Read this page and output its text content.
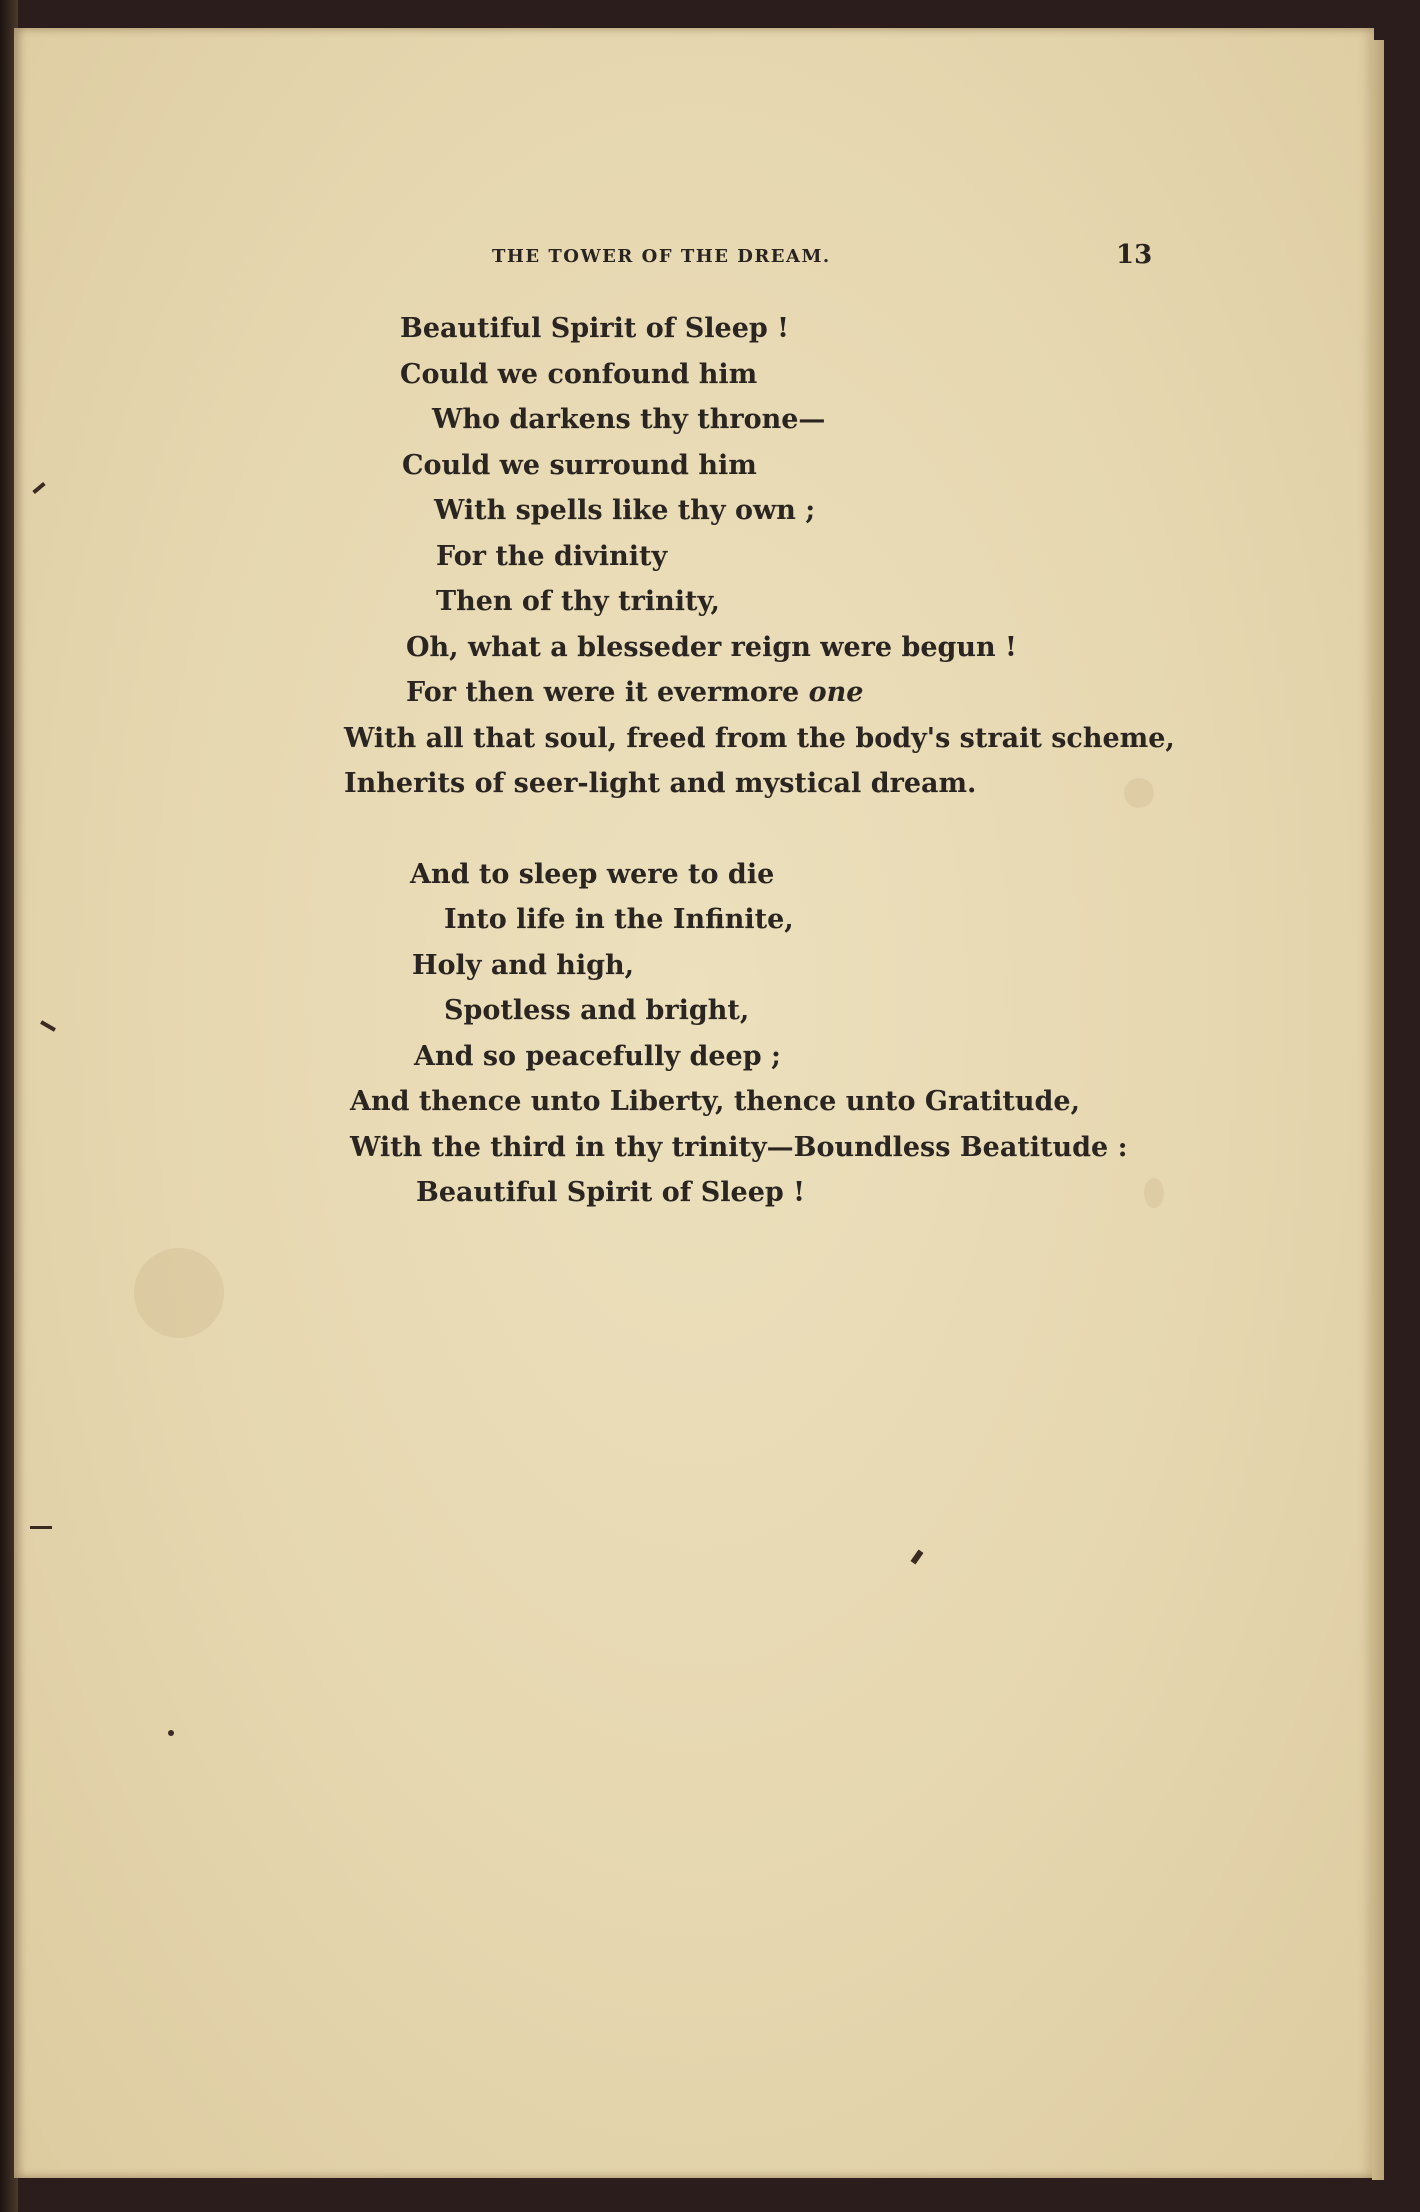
THE TOWER OF THE DREAM.	13
Beautiful Spirit of Sleep !
Could we confound him
Who darkens thy throne—
Could we surround him
With spells like thy own ;
For the divinity
Then of thy trinity,
Oh, what a blesseder reign were begun !
For then were it evermore one
With all that soul, freed from the body's strait scheme,
Inherits of seer-light and mystical dream.
And to sleep were to die
Into life in the Infinite,
Holy and high,
Spotless and bright,
And so peacefully deep ;
And thence unto Liberty, thence unto Gratitude,
With the third in thy trinity—Boundless Beatitude :
Beautiful Spirit of Sleep !
